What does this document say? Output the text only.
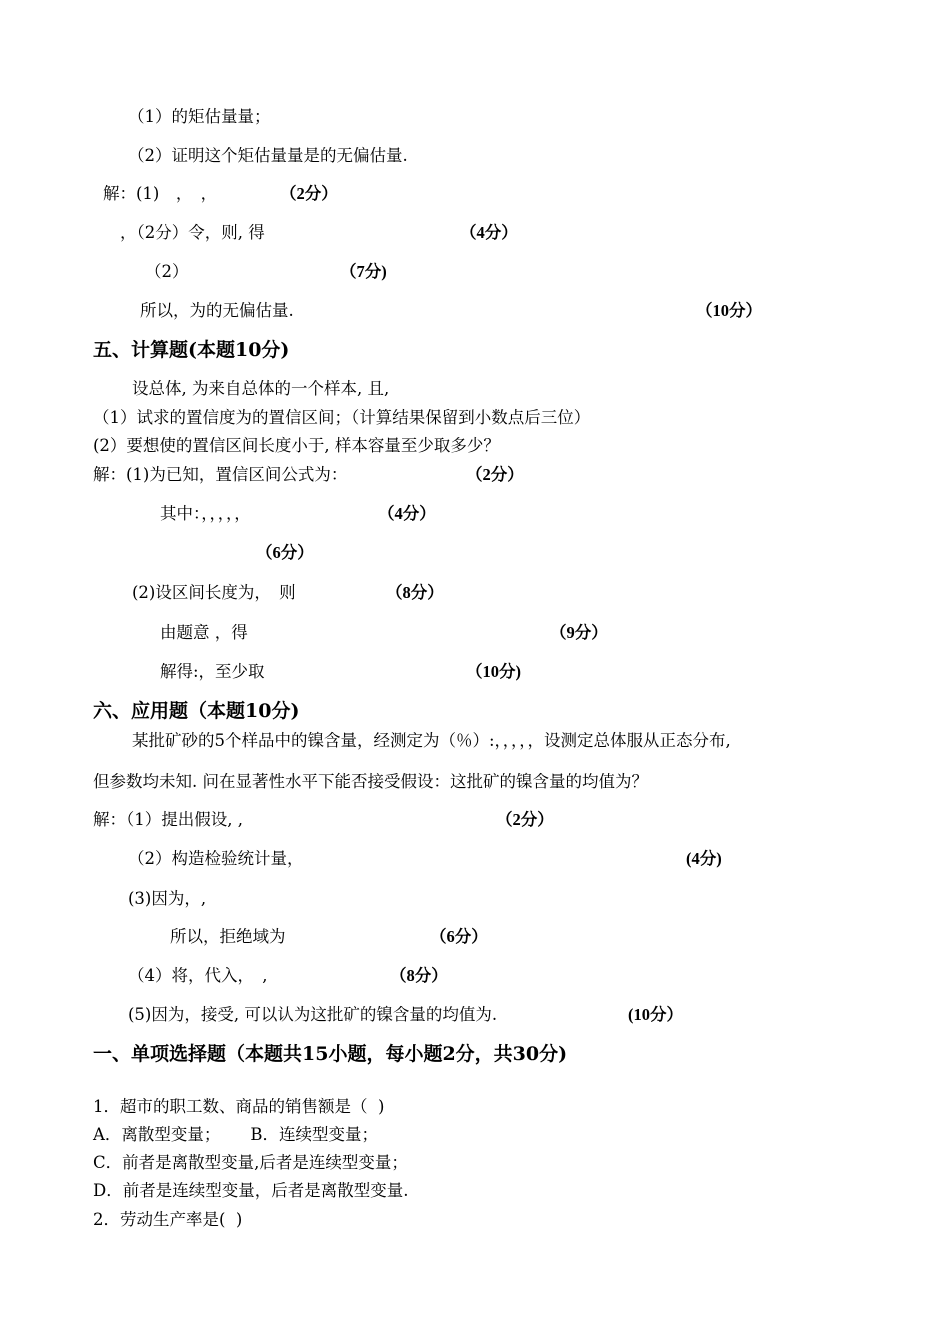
（1）的矩估量量；
（2）证明这个矩估量量是的无偏估量.
解：(1)　，　，	（2分）
，（2分）令，则, 得	（4分）
（2）	（7分)
所以，为的无偏估量.	（10分）
五、计算题(本题10分)
设总体, 为来自总体的一个样本, 且,
（1）试求的置信度为的置信区间；（计算结果保留到小数点后三位）
(2）要想使的置信区间长度小于, 样本容量至少取多少？
解：(1)为已知，置信区间公式为：	（2分）
其中：，，，，，	（4分）
（6分）
(2)设区间长度为，　则	（8分）
由题意 ，得	（9分）
解得:，至少取	（10分)
六、应用题（本题10分)
某批矿砂的5个样品中的镍含量，经测定为（％）:，，，，，设测定总体服从正态分布,
但参数均未知. 问在显著性水平下能否接受假设：这批矿的镍含量的均值为？
解：（1）提出假设, ,	（2分）
（2）构造检验统计量，	(4分)
(3)因为，,
所以，拒绝域为	（6分）
（4）将，代入，　,	（8分）
(5)因为，接受, 可以认为这批矿的镍含量的均值为.	(10分）
一、单项选择题（本题共15小题，每小题2分，共30分)
1．超市的职工数、商品的销售额是（  )
A．离散型变量；　　 B．连续型变量；
C．前者是离散型变量,后者是连续型变量；
D．前者是连续型变量，后者是离散型变量.
2．劳动生产率是(  )
